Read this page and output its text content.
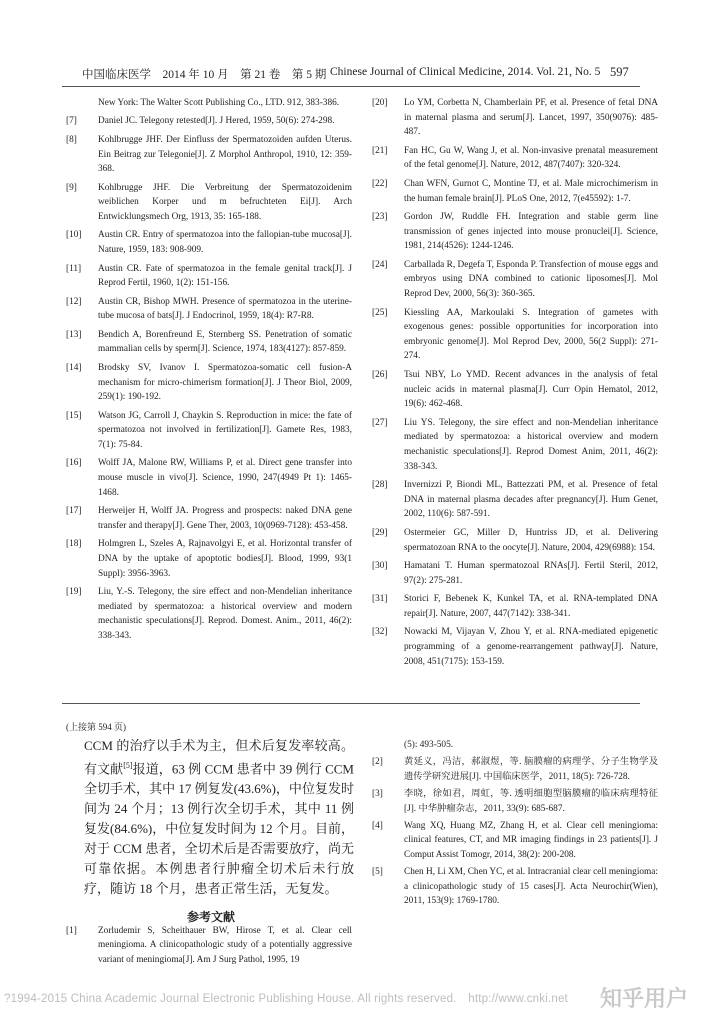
中国临床医学　2014 年 10 月　第 21 卷　第 5 期 Chinese Journal of Clinical Medicine, 2014. Vol. 21, No. 5 597
New York: The Walter Scott Publishing Co., LTD. 912, 383-386.
[7]	Daniel JC. Telegony retested[J]. J Hered, 1959, 50(6): 274-298.
[8]	Kohlbrugge JHF. Der Einfluss der Spermatozoiden aufden Uterus. Ein Beitrag zur Telegonie[J]. Z Morphol Anthropol, 1910, 12: 359-368.
[9]	Kohlbrugge JHF. Die Verbreitung der Spermatozoidenim weiblichen Korper und m befruchteten Ei[J]. Arch Entwicklungsmech Org, 1913, 35: 165-188.
[10]	Austin CR. Entry of spermatozoa into the fallopian-tube mucosa[J]. Nature, 1959, 183: 908-909.
[11]	Austin CR. Fate of spermatozoa in the female genital track[J]. J Reprod Fertil, 1960, 1(2): 151-156.
[12]	Austin CR, Bishop MWH. Presence of spermatozoa in the uterine-tube mucosa of bats[J]. J Endocrinol, 1959, 18(4): R7-R8.
[13]	Bendich A, Borenfreund E, Sternberg SS. Penetration of somatic mammalian cells by sperm[J]. Science, 1974, 183(4127): 857-859.
[14]	Brodsky SV, Ivanov I. Spermatozoa-somatic cell fusion-A mechanism for micro-chimerism formation[J]. J Theor Biol, 2009, 259(1): 190-192.
[15]	Watson JG, Carroll J, Chaykin S. Reproduction in mice: the fate of spermatozoa not involved in fertilization[J]. Gamete Res, 1983, 7(1): 75-84.
[16]	Wolff JA, Malone RW, Williams P, et al. Direct gene transfer into mouse muscle in vivo[J]. Science, 1990, 247(4949 Pt 1): 1465-1468.
[17]	Herweijer H, Wolff JA. Progress and prospects: naked DNA gene transfer and therapy[J]. Gene Ther, 2003, 10(0969-7128): 453-458.
[18]	Holmgren L, Szeles A, Rajnavolgyi E, et al. Horizontal transfer of DNA by the uptake of apoptotic bodies[J]. Blood, 1999, 93(1 Suppl): 3956-3963.
[19]	Liu, Y.-S. Telegony, the sire effect and non-Mendelian inheritance mediated by spermatozoa: a historical overview and modern mechanistic speculations[J]. Reprod. Domest. Anim., 2011, 46(2): 338-343.
[20]	Lo YM, Corbetta N, Chamberlain PF, et al. Presence of fetal DNA in maternal plasma and serum[J]. Lancet, 1997, 350(9076): 485-487.
[21]	Fan HC, Gu W, Wang J, et al. Non-invasive prenatal measurement of the fetal genome[J]. Nature, 2012, 487(7407): 320-324.
[22]	Chan WFN, Gurnot C, Montine TJ, et al. Male microchimerism in the human female brain[J]. PLoS One, 2012, 7(e45592): 1-7.
[23]	Gordon JW, Ruddle FH. Integration and stable germ line transmission of genes injected into mouse pronuclei[J]. Science, 1981, 214(4526): 1244-1246.
[24]	Carballada R, Degefa T, Esponda P. Transfection of mouse eggs and embryos using DNA combined to cationic liposomes[J]. Mol Reprod Dev, 2000, 56(3): 360-365.
[25]	Kiessling AA, Markoulaki S. Integration of gametes with exogenous genes: possible opportunities for incorporation into embryonic genome[J]. Mol Reprod Dev, 2000, 56(2 Suppl): 271-274.
[26]	Tsui NBY, Lo YMD. Recent advances in the analysis of fetal nucleic acids in maternal plasma[J]. Curr Opin Hematol, 2012, 19(6): 462-468.
[27]	Liu YS. Telegony, the sire effect and non-Mendelian inheritance mediated by spermatozoa: a historical overview and modern mechanistic speculations[J]. Reprod Domest Anim, 2011, 46(2): 338-343.
[28]	Invernizzi P, Biondi ML, Battezzati PM, et al. Presence of fetal DNA in maternal plasma decades after pregnancy[J]. Hum Genet, 2002, 110(6): 587-591.
[29]	Ostermeier GC, Miller D, Huntriss JD, et al. Delivering spermatozoan RNA to the oocyte[J]. Nature, 2004, 429(6988): 154.
[30]	Hamatani T. Human spermatozoal RNAs[J]. Fertil Steril, 2012, 97(2): 275-281.
[31]	Storici F, Bebenek K, Kunkel TA, et al. RNA-templated DNA repair[J]. Nature, 2007, 447(7142): 338-341.
[32]	Nowacki M, Vijayan V, Zhou Y, et al. RNA-mediated epigenetic programming of a genome-rearrangement pathway[J]. Nature, 2008, 451(7175): 153-159.
(上接第 594 页)
CCM 的治疗以手术为主，但术后复发率较高。有文献[5]报道，63 例 CCM 患者中 39 例行 CCM 全切手术，其中 17 例复发(43.6%)，中位复发时间为 24 个月；13 例行次全切手术，其中 11 例复发(84.6%)，中位复发时间为 12 个月。目前，对于 CCM 患者，全切术后是否需要放疗，尚无可靠依据。本例患者行肿瘤全切术后未行放疗，随访 18 个月，患者正常生活，无复发。
参考文献
[1]	Zorludemir S, Scheithauer BW, Hirose T, et al. Clear cell meningioma. A clinicopathologic study of a potentially aggressive variant of meningioma[J]. Am J Surg Pathol, 1995, 19
(5): 493-505.
[2]	黄延义，冯洁，郝淑煜，等. 脑膜瘤的病理学、分子生物学及遗传学研究进展[J]. 中国临床医学，2011, 18(5): 726-728.
[3]	李晓，徐如君，周虹，等. 透明细胞型脑膜瘤的临床病理特征[J]. 中华肿瘤杂志，2011, 33(9): 685-687.
[4]	Wang XQ, Huang MZ, Zhang H, et al. Clear cell meningioma: clinical features, CT, and MR imaging findings in 23 patients[J]. J Comput Assist Tomogr, 2014, 38(2): 200-208.
[5]	Chen H, Li XM, Chen YC, et al. Intracranial clear cell meningioma: a clinicopathologic study of 15 cases[J]. Acta Neurochir(Wien), 2011, 153(9): 1769-1780.
?1994-2015 China Academic Journal Electronic Publishing House. All rights reserved.　http://www.cnki.net 知乎用户
